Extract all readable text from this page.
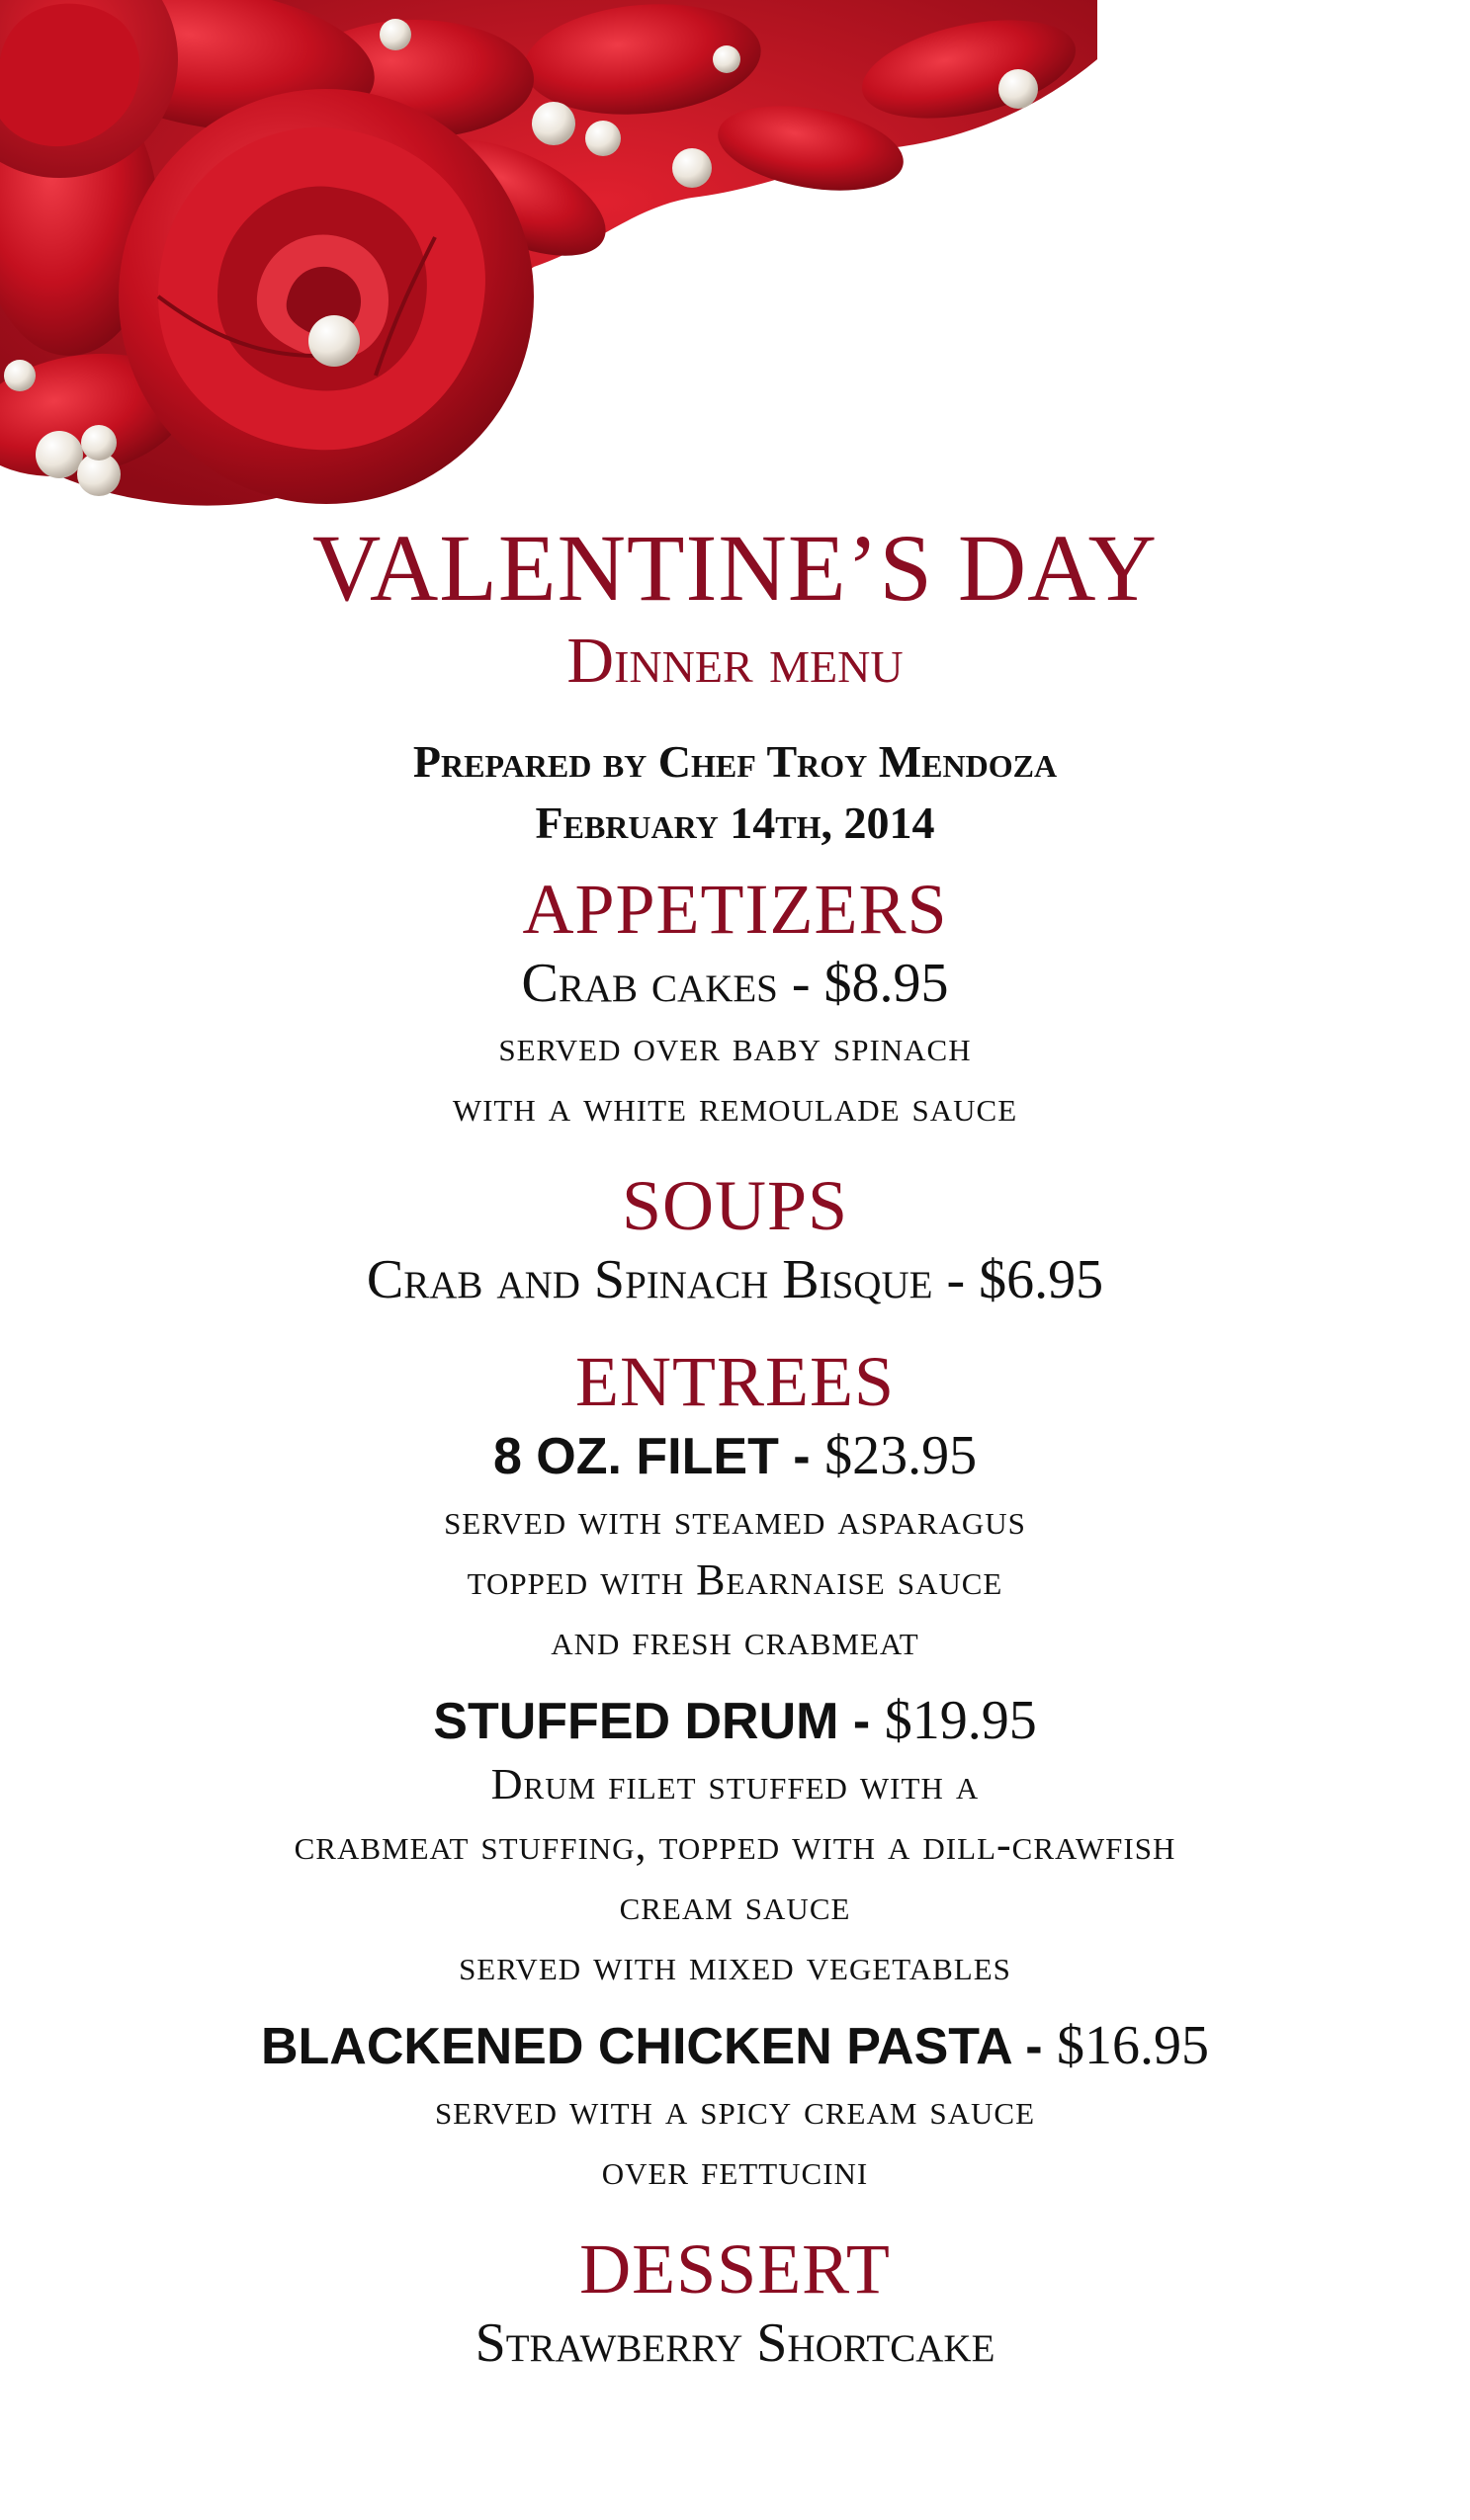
VALENTINE’S DAY
Dinner menu
Prepared by Chef Troy Mendoza
February 14th, 2014
APPETIZERS
Crab cakes - $8.95
served over baby spinach
with a white remoulade sauce
SOUPS
Crab and Spinach Bisque - $6.95
ENTREES
8 OZ. FILET - $23.95
served with steamed asparagus
topped with Bearnaise sauce
and fresh crabmeat
STUFFED DRUM - $19.95
Drum filet stuffed with a
crabmeat stuffing, topped with a dill-crawfish
cream sauce
served with mixed vegetables
BLACKENED CHICKEN PASTA - $16.95
served with a spicy cream sauce
over fettucini
DESSERT
Strawberry Shortcake
